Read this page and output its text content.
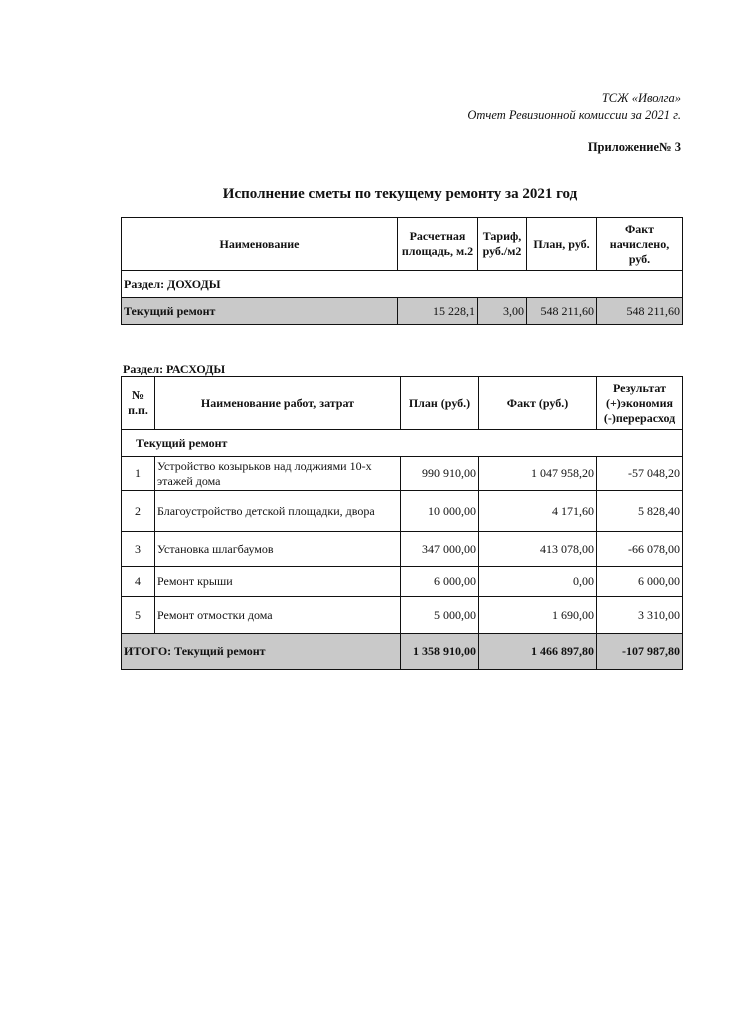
ТСЖ «Иволга»
Отчет Ревизионной комиссии за 2021 г.
Приложение№ 3
Исполнение сметы по текущему ремонту за 2021 год
Наименование	Расчетная площадь, м.2	Тариф, руб./м2	План, руб.	Факт начислено, руб.
Раздел: ДОХОДЫ				
Текущий ремонт	15 228,1	3,00	548 211,60	548 211,60
Раздел: РАСХОДЫ
№ п.п.	Наименование работ, затрат	План (руб.)	Факт (руб.)	Результат (+)экономия (-)перерасход
Текущий ремонт				
1	Устройство козырьков над лоджиями 10-х этажей дома	990 910,00	1 047 958,20	-57 048,20
2	Благоустройство детской площадки, двора	10 000,00	4 171,60	5 828,40
3	Установка шлагбаумов	347 000,00	413 078,00	-66 078,00
4	Ремонт крыши	6 000,00	0,00	6 000,00
5	Ремонт отмостки дома	5 000,00	1 690,00	3 310,00
ИТОГО: Текущий ремонт		1 358 910,00	1 466 897,80	-107 987,80
